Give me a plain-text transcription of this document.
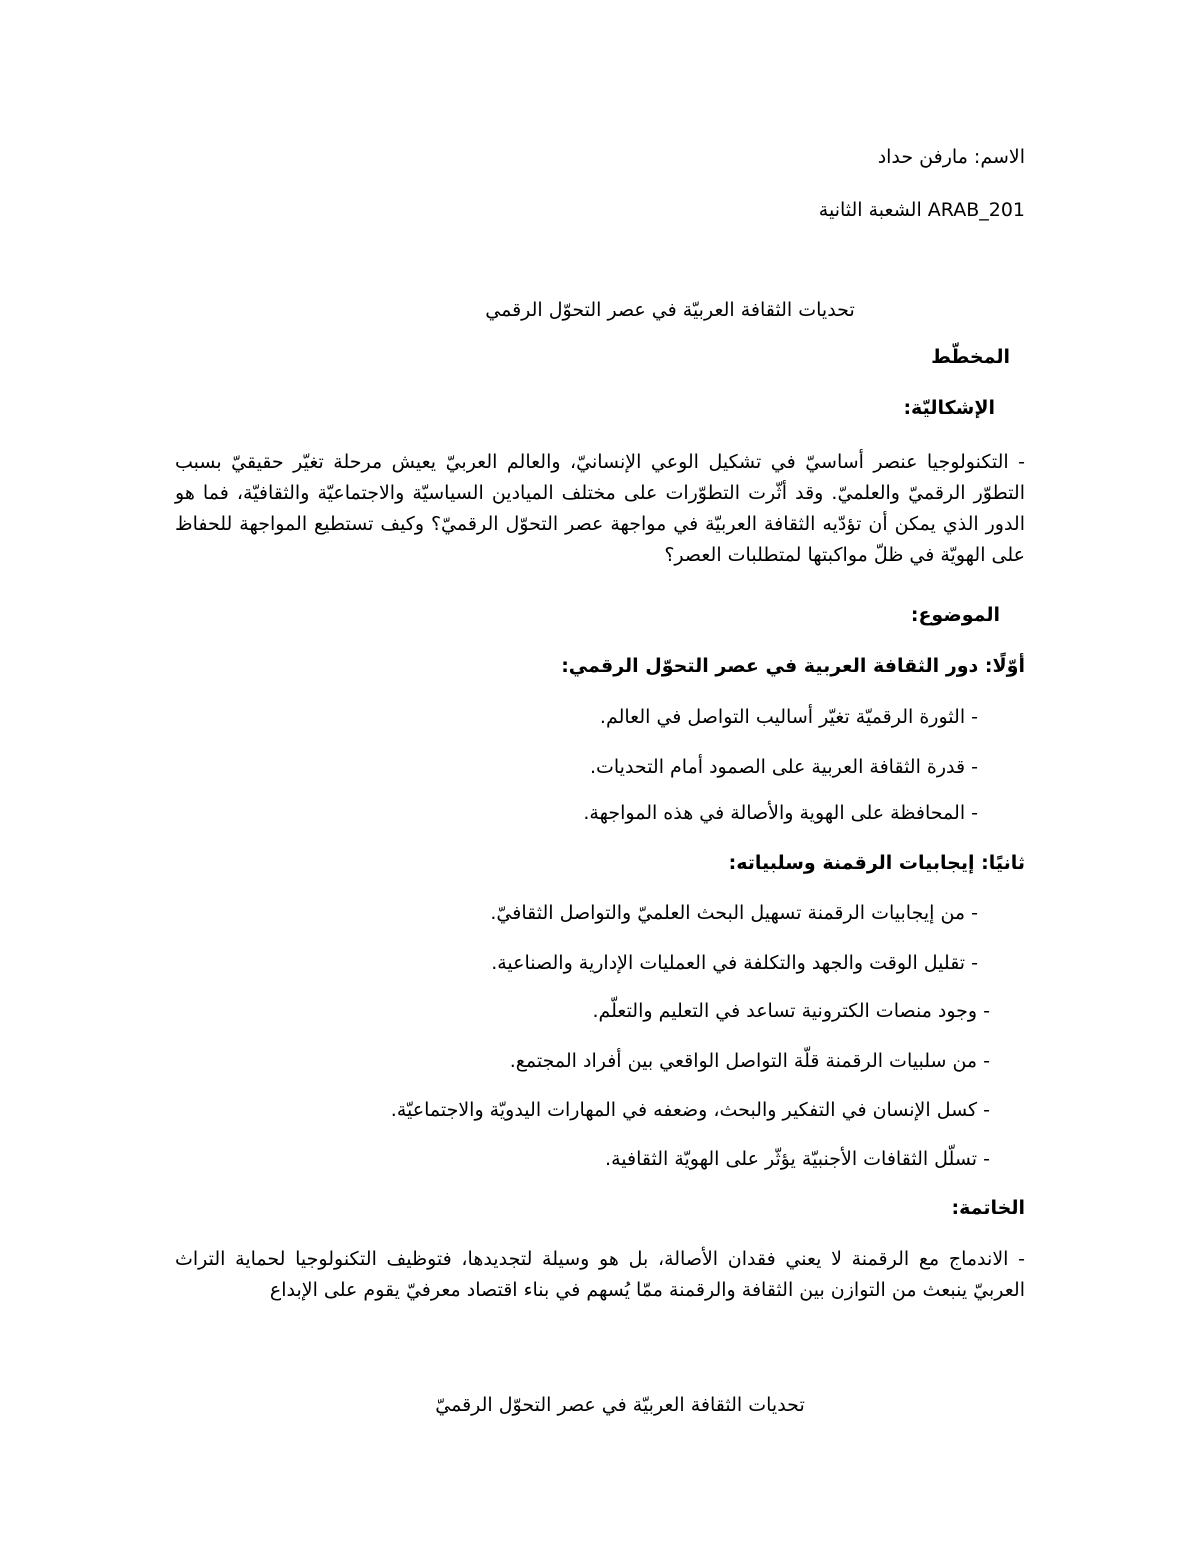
الاسم: مارفن حداد
ARAB_201 الشعبة الثانية
تحديات الثقافة العربيّة في عصر التحوّل الرقمي
المخطّط
الإشكاليّة:
- التكنولوجيا عنصر أساسيّ في تشكيل الوعي الإنسانيّ، والعالم العربيّ يعيش مرحلة تغيّر حقيقيّ بسبب التطوّر الرقميّ والعلميّ. وقد أثّرت التطوّرات على مختلف الميادين السياسيّة والاجتماعيّة والثقافيّة، فما هو الدور الذي يمكن أن تؤدّيه الثقافة العربيّة في مواجهة عصر التحوّل الرقميّ؟ وكيف تستطيع المواجهة للحفاظ على الهويّة في ظلّ مواكبتها لمتطلبات العصر؟
الموضوع:
أوّلًا: دور الثقافة العربية في عصر التحوّل الرقمي:
- الثورة الرقميّة تغيّر أساليب التواصل في العالم.
- قدرة الثقافة العربية على الصمود أمام التحديات.
- المحافظة على الهوية والأصالة في هذه المواجهة.
ثانيًا: إيجابيات الرقمنة وسلبياته:
- من إيجابيات الرقمنة تسهيل البحث العلميّ والتواصل الثقافيّ.
- تقليل الوقت والجهد والتكلفة في العمليات الإدارية والصناعية.
- وجود منصات الكترونية تساعد في التعليم والتعلّم.
- من سلبيات الرقمنة قلّة التواصل الواقعي بين أفراد المجتمع.
- كسل الإنسان في التفكير والبحث، وضعفه في المهارات اليدويّة والاجتماعيّة.
- تسلّل الثقافات الأجنبيّة يؤثّر على الهويّة الثقافية.
الخاتمة:
- الاندماج مع الرقمنة لا يعني فقدان الأصالة، بل هو وسيلة لتجديدها، فتوظيف التكنولوجيا لحماية التراث العربيّ ينبعث من التوازن بين الثقافة والرقمنة ممّا يُسهم في بناء اقتصاد معرفيّ يقوم على الإبداع
تحديات الثقافة العربيّة في عصر التحوّل الرقميّ
